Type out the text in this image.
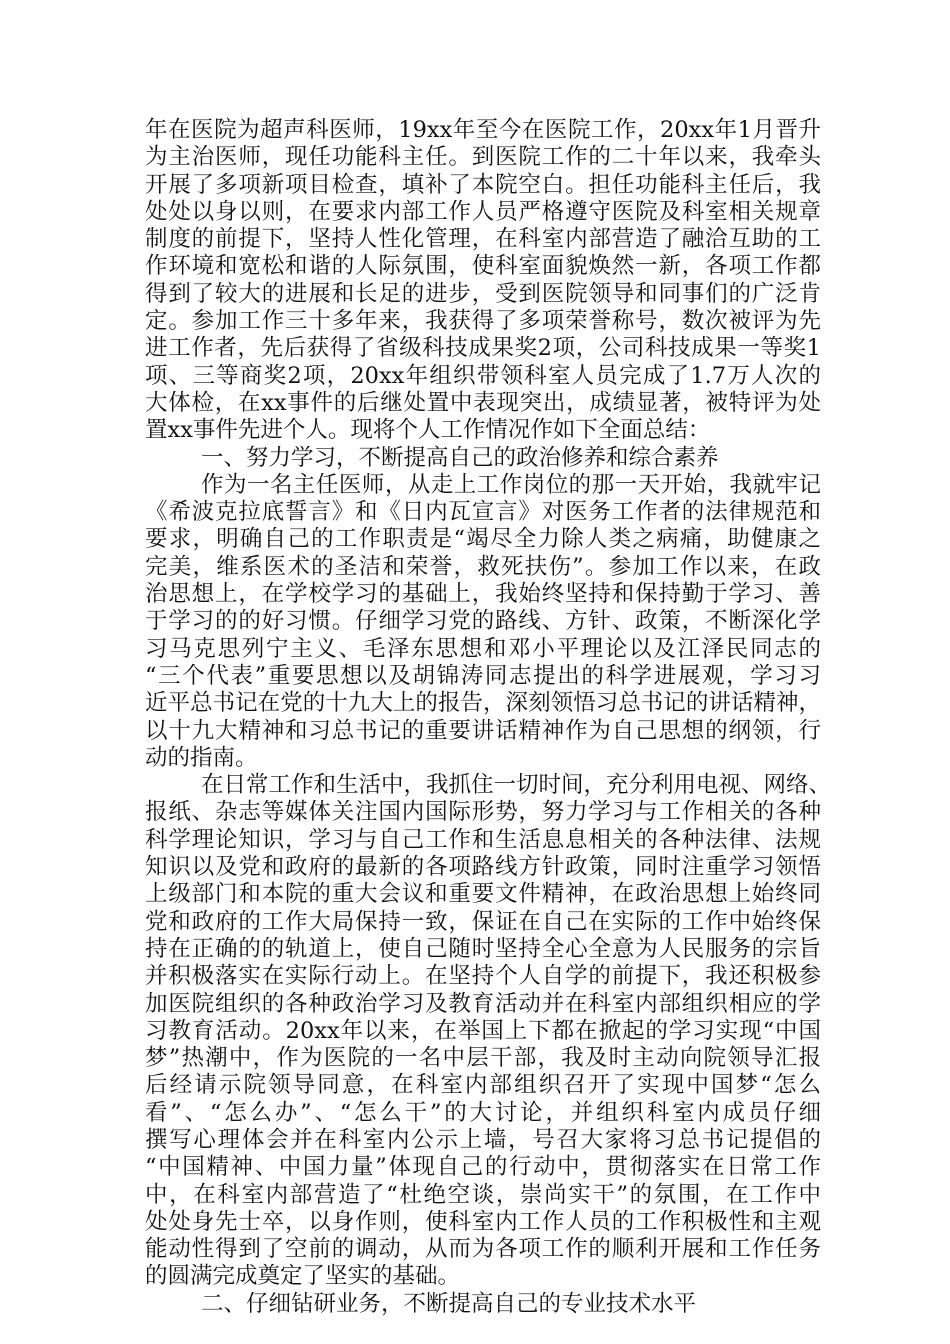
年在医院为超声科医师，19xx年至今在医院工作，20xx年1月晋升
为主治医师，现任功能科主任。到医院工作的二十年以来，我牵头
开展了多项新项目检查，填补了本院空白。担任功能科主任后，我
处处以身以则，在要求内部工作人员严格遵守医院及科室相关规章
制度的前提下，坚持人性化管理，在科室内部营造了融洽互助的工
作环境和宽松和谐的人际氛围，使科室面貌焕然一新，各项工作都
得到了较大的进展和长足的进步，受到医院领导和同事们的广泛肯
定。参加工作三十多年来，我获得了多项荣誉称号，数次被评为先
进工作者，先后获得了省级科技成果奖2项，公司科技成果一等奖1
项、三等商奖2项，20xx年组织带领科室人员完成了1.7万人次的
大体检，在xx事件的后继处置中表现突出，成绩显著，被特评为处
置xx事件先进个人。现将个人工作情况作如下全面总结：
一、努力学习，不断提高自己的政治修养和综合素养
作为一名主任医师，从走上工作岗位的那一天开始，我就牢记
《希波克拉底誓言》和《日内瓦宣言》对医务工作者的法律规范和
要求，明确自己的工作职责是“竭尽全力除人类之病痛，助健康之
完美，维系医术的圣洁和荣誉，救死扶伤”。参加工作以来，在政
治思想上，在学校学习的基础上，我始终坚持和保持勤于学习、善
于学习的的好习惯。仔细学习党的路线、方针、政策，不断深化学
习马克思列宁主义、毛泽东思想和邓小平理论以及江泽民同志的
“三个代表”重要思想以及胡锦涛同志提出的科学进展观，学习习
近平总书记在党的十九大上的报告，深刻领悟习总书记的讲话精神，
以十九大精神和习总书记的重要讲话精神作为自己思想的纲领，行
动的指南。
在日常工作和生活中，我抓住一切时间，充分利用电视、网络、
报纸、杂志等媒体关注国内国际形势，努力学习与工作相关的各种
科学理论知识，学习与自己工作和生活息息相关的各种法律、法规
知识以及党和政府的最新的各项路线方针政策，同时注重学习领悟
上级部门和本院的重大会议和重要文件精神，在政治思想上始终同
党和政府的工作大局保持一致，保证在自己在实际的工作中始终保
持在正确的的轨道上，使自己随时坚持全心全意为人民服务的宗旨
并积极落实在实际行动上。在坚持个人自学的前提下，我还积极参
加医院组织的各种政治学习及教育活动并在科室内部组织相应的学
习教育活动。20xx年以来，在举国上下都在掀起的学习实现“中国
梦”热潮中，作为医院的一名中层干部，我及时主动向院领导汇报
后经请示院领导同意，在科室内部组织召开了实现中国梦“怎么
看”、“怎么办”、“怎么干”的大讨论，并组织科室内成员仔细
撰写心理体会并在科室内公示上墙，号召大家将习总书记提倡的
“中国精神、中国力量”体现自己的行动中，贯彻落实在日常工作
中，在科室内部营造了“杜绝空谈，崇尚实干”的氛围，在工作中
处处身先士卒，以身作则，使科室内工作人员的工作积极性和主观
能动性得到了空前的调动，从而为各项工作的顺利开展和工作任务
的圆满完成奠定了坚实的基础。
二、仔细钻研业务，不断提高自己的专业技术水平
